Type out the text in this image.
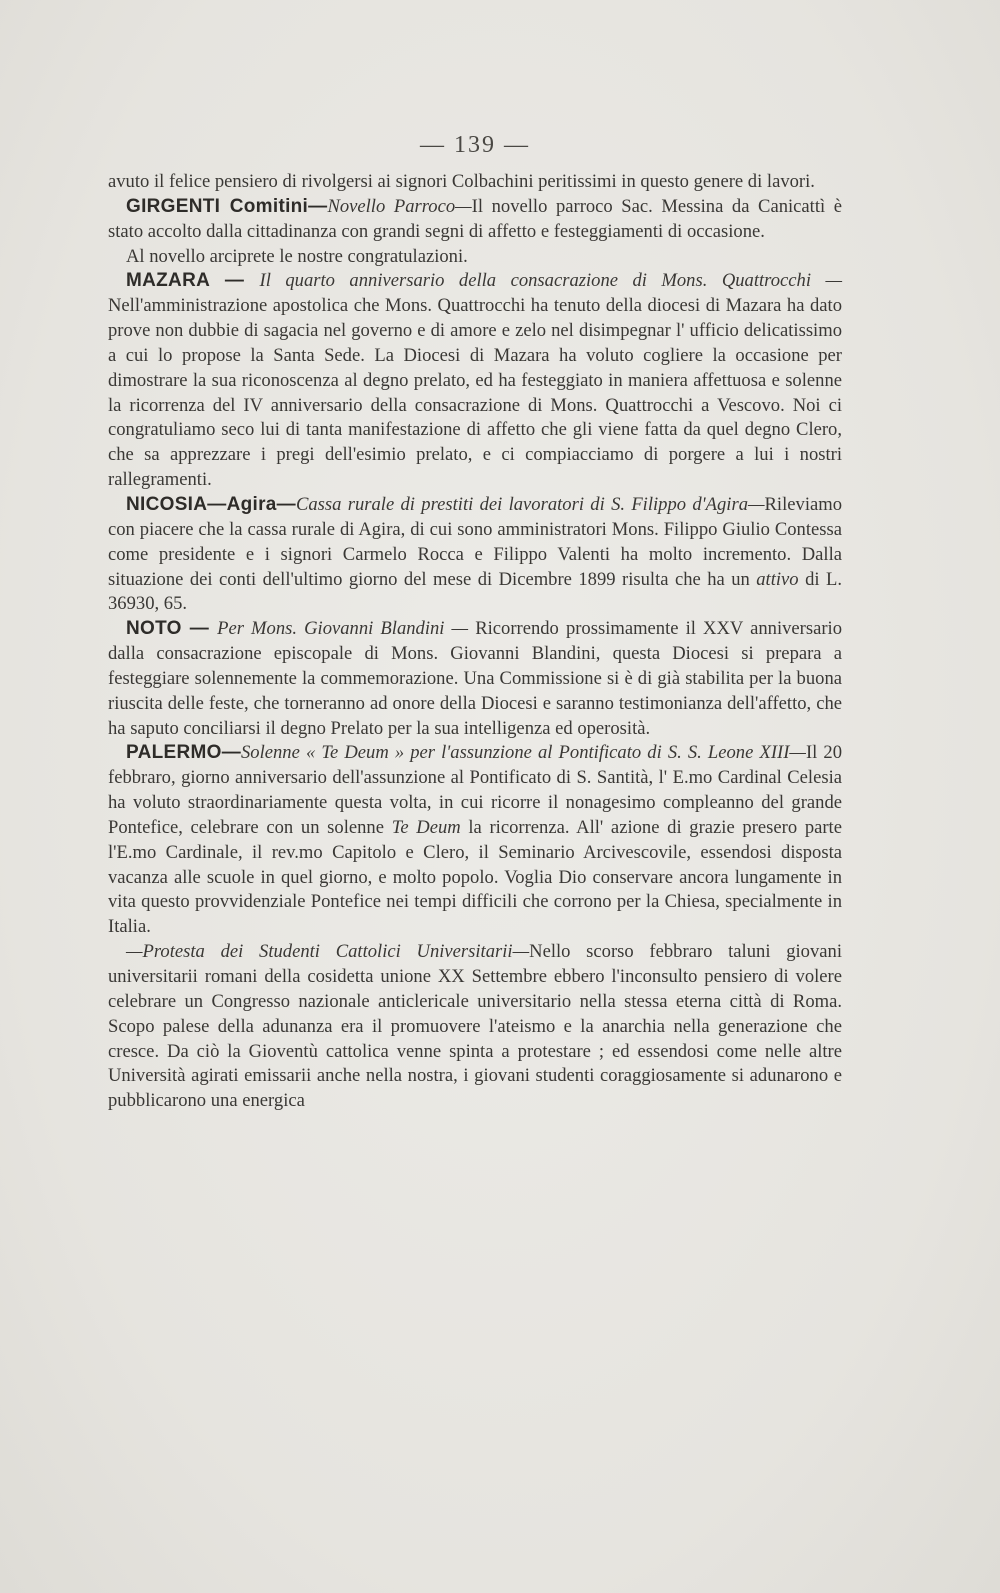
— 139 —

avuto il felice pensiero di rivolgersi ai signori Colbachini peritissimi in questo genere di lavori.

GIRGENTI Comitini—Novello Parroco—Il novello parroco Sac. Messina da Canicattì è stato accolto dalla cittadinanza con grandi segni di affetto e festeggiamenti di occasione.

Al novello arciprete le nostre congratulazioni.

MAZARA — Il quarto anniversario della consacrazione di Mons. Quattrocchi — Nell'amministrazione apostolica che Mons. Quattrocchi ha tenuto della diocesi di Mazara ha dato prove non dubbie di sagacia nel governo e di amore e zelo nel disimpegnar l' ufficio delicatissimo a cui lo propose la Santa Sede. La Diocesi di Mazara ha voluto cogliere la occasione per dimostrare la sua riconoscenza al degno prelato, ed ha festeggiato in maniera affettuosa e solenne la ricorrenza del IV anniversario della consacrazione di Mons. Quattrocchi a Vescovo. Noi ci congratuliamo seco lui di tanta manifestazione di affetto che gli viene fatta da quel degno Clero, che sa apprezzare i pregi dell'esimio prelato, e ci compiacciamo di porgere a lui i nostri rallegramenti.

NICOSIA—Agira—Cassa rurale di prestiti dei lavoratori di S. Filippo d'Agira—Rileviamo con piacere che la cassa rurale di Agira, di cui sono amministratori Mons. Filippo Giulio Contessa come presidente e i signori Carmelo Rocca e Filippo Valenti ha molto incremento. Dalla situazione dei conti dell'ultimo giorno del mese di Dicembre 1899 risulta che ha un attivo di L. 36930, 65.

NOTO — Per Mons. Giovanni Blandini — Ricorrendo prossimamente il XXV anniversario dalla consacrazione episcopale di Mons. Giovanni Blandini, questa Diocesi si prepara a festeggiare solennemente la commemorazione. Una Commissione si è di già stabilita per la buona riuscita delle feste, che torneranno ad onore della Diocesi e saranno testimonianza dell'affetto, che ha saputo conciliarsi il degno Prelato per la sua intelligenza ed operosità.

PALERMO—Solenne « Te Deum » per l'assunzione al Pontificato di S. S. Leone XIII—Il 20 febbraro, giorno anniversario dell'assunzione al Pontificato di S. Santità, l' E.mo Cardinal Celesia ha voluto straordinariamente questa volta, in cui ricorre il nonagesimo compleanno del grande Pontefice, celebrare con un solenne Te Deum la ricorrenza. All' azione di grazie presero parte l'E.mo Cardinale, il rev.mo Capitolo e Clero, il Seminario Arcivescovile, essendosi disposta vacanza alle scuole in quel giorno, e molto popolo. Voglia Dio conservare ancora lungamente in vita questo provvidenziale Pontefice nei tempi difficili che corrono per la Chiesa, specialmente in Italia.

—Protesta dei Studenti Cattolici Universitarii—Nello scorso febbraro taluni giovani universitarii romani della cosidetta unione XX Settembre ebbero l'inconsulto pensiero di volere celebrare un Congresso nazionale anticlericale universitario nella stessa eterna città di Roma. Scopo palese della adunanza era il promuovere l'ateismo e la anarchia nella generazione che cresce. Da ciò la Gioventù cattolica venne spinta a protestare ; ed essendosi come nelle altre Università agirati emissarii anche nella nostra, i giovani studenti coraggiosamente si adunarono e pubblicarono una energica
